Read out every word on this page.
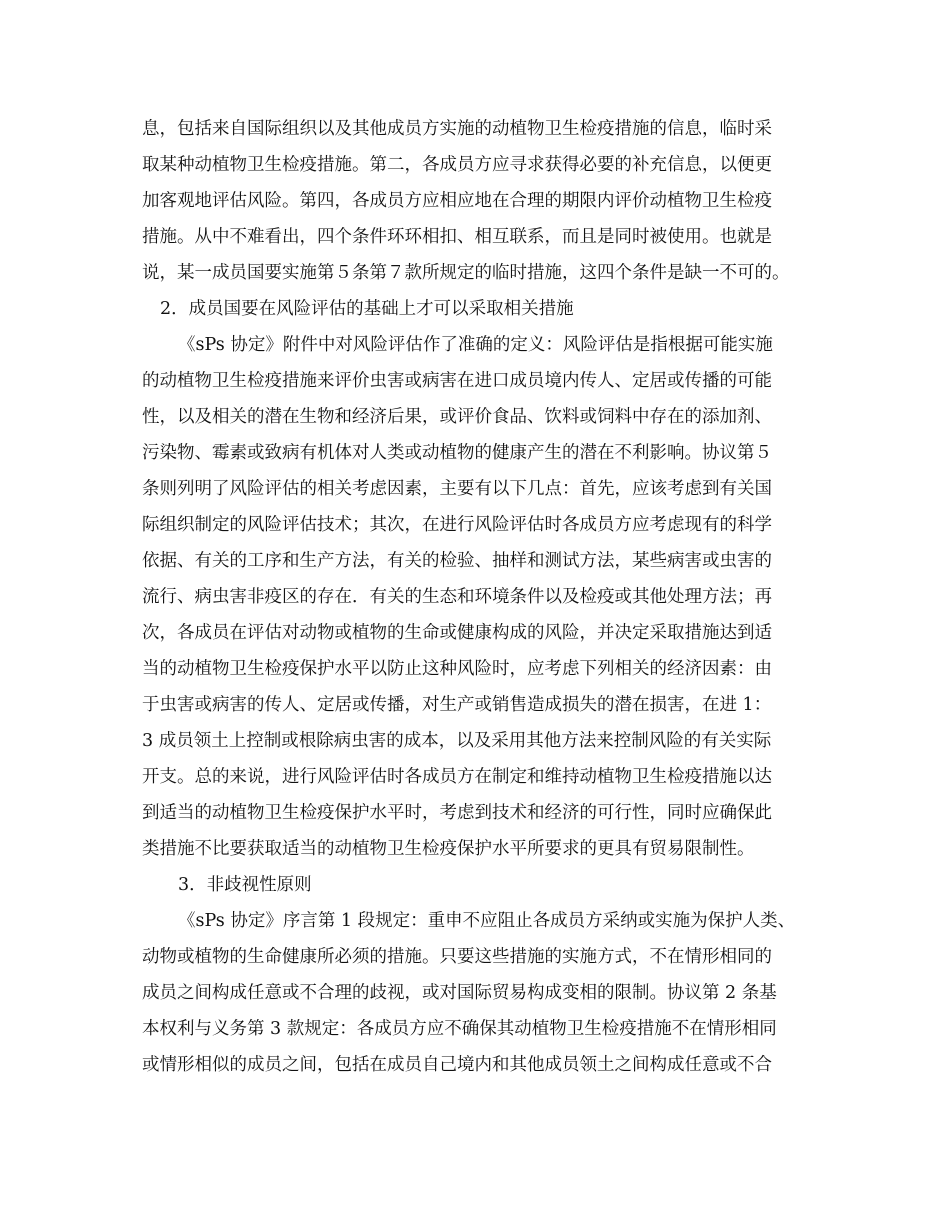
息，包括来自国际组织以及其他成员方实施的动植物卫生检疫措施的信息，临时采
取某种动植物卫生检疫措施。第二，各成员方应寻求获得必要的补充信息，以便更
加客观地评估风险。第四，各成员方应相应地在合理的期限内评价动植物卫生检疫
措施。从中不难看出，四个条件环环相扣、相互联系，而且是同时被使用。也就是
说，某一成员国要实施第５条第７款所规定的临时措施，这四个条件是缺一不可的。
2．成员国要在风险评估的基础上才可以采取相关措施
《sPs 协定》附件中对风险评估作了准确的定义：风险评估是指根据可能实施
的动植物卫生检疫措施来评价虫害或病害在进口成员境内传人、定居或传播的可能
性，以及相关的潜在生物和经济后果，或评价食品、饮料或饲料中存在的添加剂、
污染物、霉素或致病有机体对人类或动植物的健康产生的潜在不利影响。协议第５
条则列明了风险评估的相关考虑因素，主要有以下几点：首先，应该考虑到有关国
际组织制定的风险评估技术；其次，在进行风险评估时各成员方应考虑现有的科学
依据、有关的工序和生产方法，有关的检验、抽样和测试方法，某些病害或虫害的
流行、病虫害非疫区的存在．有关的生态和环境条件以及检疫或其他处理方法；再
次，各成员在评估对动物或植物的生命或健康构成的风险，并决定采取措施达到适
当的动植物卫生检疫保护水平以防止这种风险时，应考虑下列相关的经济因素：由
于虫害或病害的传人、定居或传播，对生产或销售造成损失的潜在损害，在进 1：
3 成员领土上控制或根除病虫害的成本，以及采用其他方法来控制风险的有关实际
开支。总的来说，进行风险评估时各成员方在制定和维持动植物卫生检疫措施以达
到适当的动植物卫生检疫保护水平时，考虑到技术和经济的可行性，同时应确保此
类措施不比要获取适当的动植物卫生检疫保护水平所要求的更具有贸易限制性。
3．非歧视性原则
《sPs 协定》序言第 1 段规定：重申不应阻止各成员方采纳或实施为保护人类、
动物或植物的生命健康所必须的措施。只要这些措施的实施方式，不在情形相同的
成员之间构成任意或不合理的歧视，或对国际贸易构成变相的限制。协议第 2 条基
本权利与义务第 3 款规定：各成员方应不确保其动植物卫生检疫措施不在情形相同
或情形相似的成员之间，包括在成员自己境内和其他成员领土之间构成任意或不合
